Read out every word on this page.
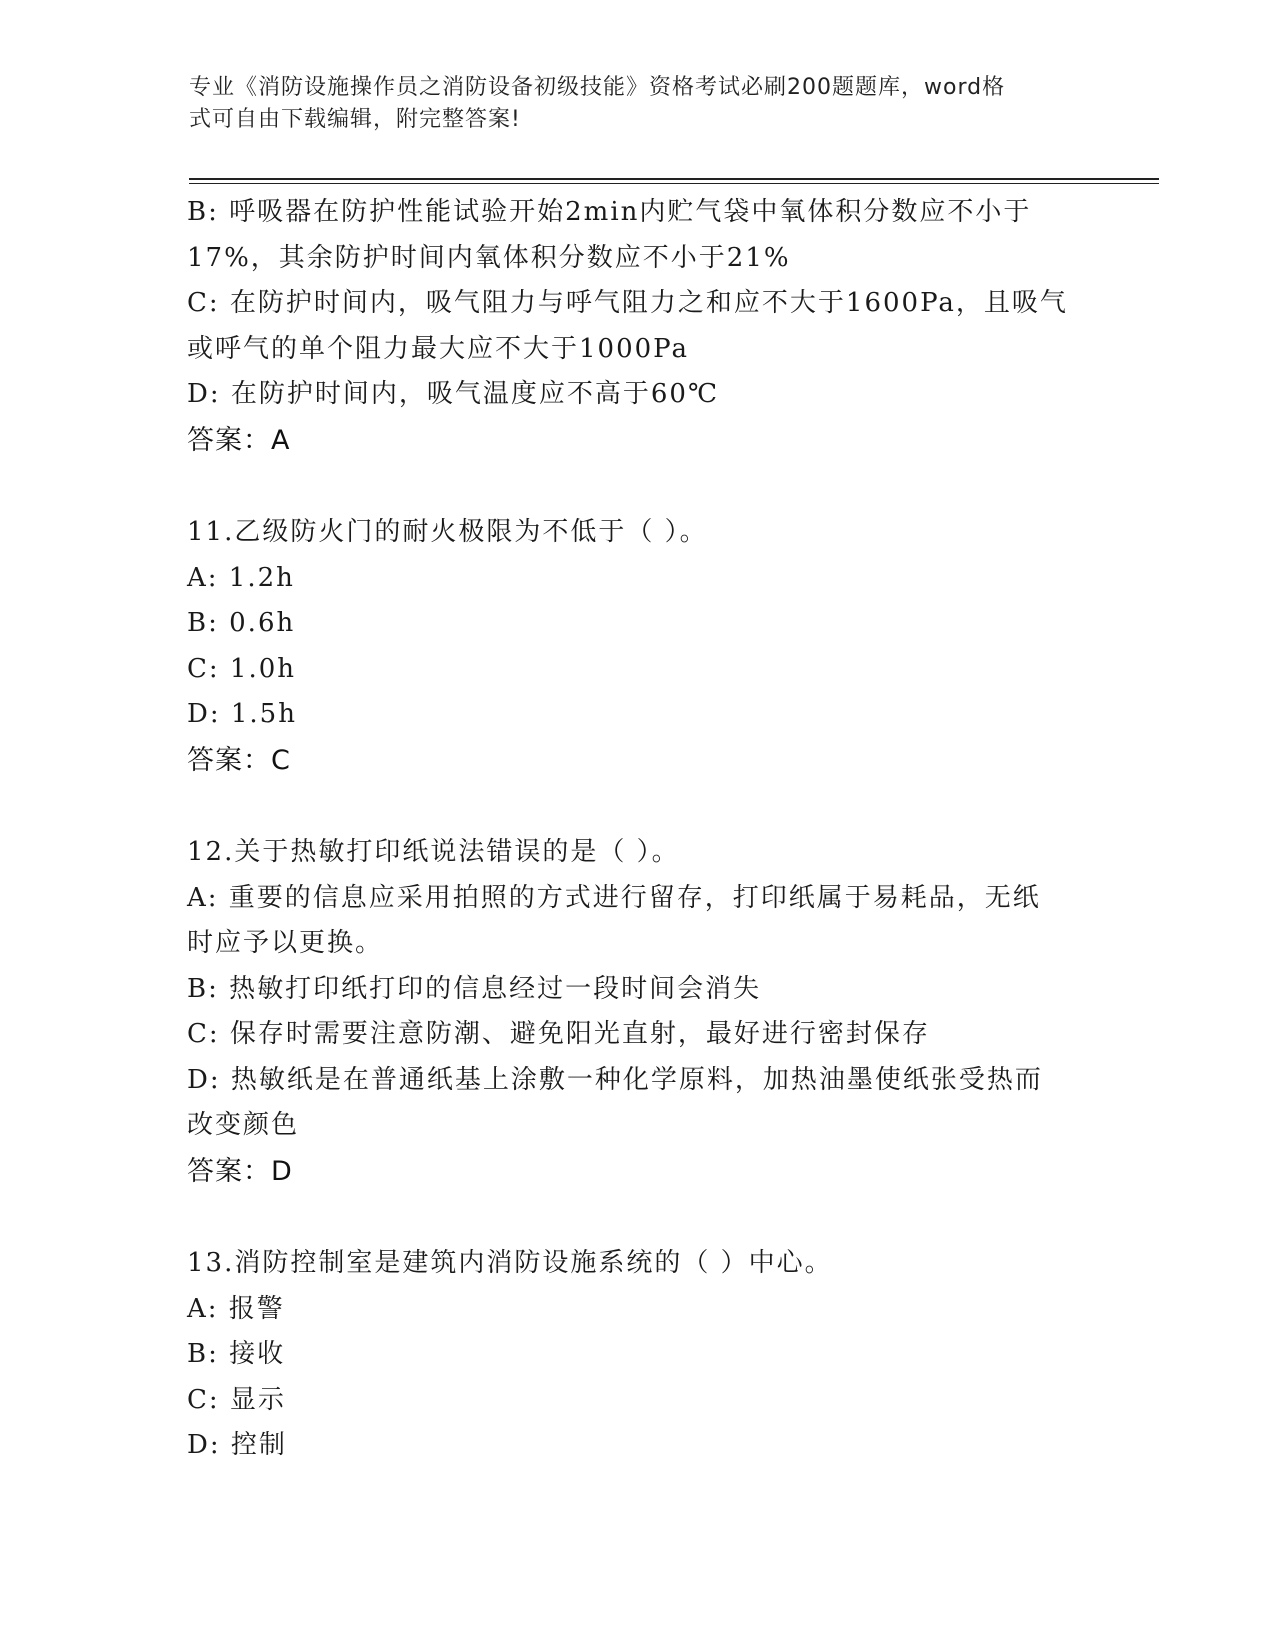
专业《消防设施操作员之消防设备初级技能》资格考试必刷200题题库，word格
式可自由下载编辑，附完整答案!
B: 呼吸器在防护性能试验开始2min内贮气袋中氧体积分数应不小于
17%，其余防护时间内氧体积分数应不小于21%
C: 在防护时间内，吸气阻力与呼气阻力之和应不大于1600Pa，且吸气
或呼气的单个阻力最大应不大于1000Pa
D: 在防护时间内，吸气温度应不高于60℃
答案：A
11.乙级防火门的耐火极限为不低于（ ）。
A: 1.2h
B: 0.6h
C: 1.0h
D: 1.5h
答案：C
12.关于热敏打印纸说法错误的是（ ）。
A: 重要的信息应采用拍照的方式进行留存，打印纸属于易耗品，无纸
时应予以更换。
B: 热敏打印纸打印的信息经过一段时间会消失
C: 保存时需要注意防潮、避免阳光直射，最好进行密封保存
D: 热敏纸是在普通纸基上涂敷一种化学原料，加热油墨使纸张受热而
改变颜色
答案：D
13.消防控制室是建筑内消防设施系统的（ ）中心。
A: 报警
B: 接收
C: 显示
D: 控制
